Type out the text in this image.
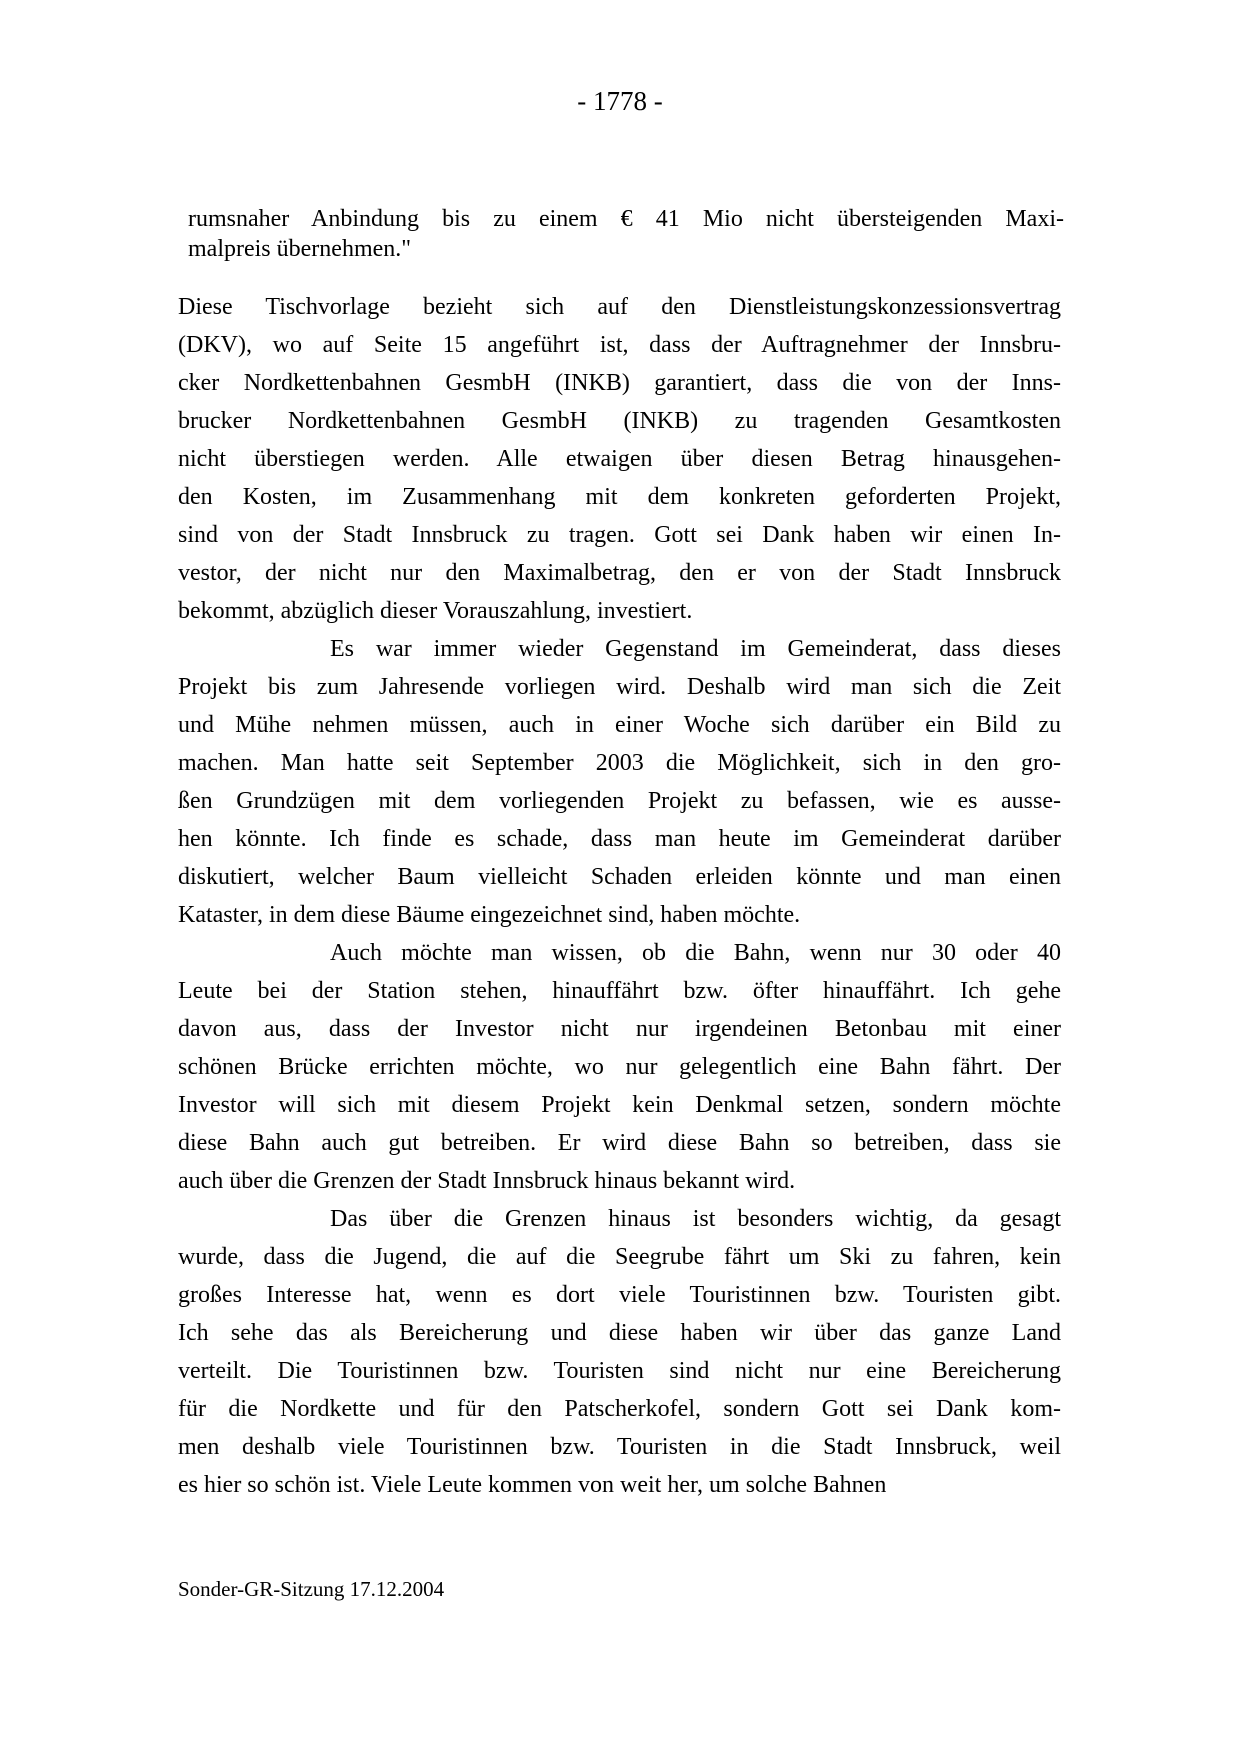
- 1778 -
rumsnaher Anbindung bis zu einem € 41 Mio nicht übersteigenden Maxi-
malpreis übernehmen."
Diese Tischvorlage bezieht sich auf den Dienstleistungskonzessionsvertrag
(DKV), wo auf Seite 15 angeführt ist, dass der Auftragnehmer der Innsbru-
cker Nordkettenbahnen GesmbH (INKB) garantiert, dass die von der Inns-
brucker Nordkettenbahnen GesmbH (INKB) zu tragenden Gesamtkosten
nicht überstiegen werden. Alle etwaigen über diesen Betrag hinausgehen-
den Kosten, im Zusammenhang mit dem konkreten geforderten Projekt,
sind von der Stadt Innsbruck zu tragen. Gott sei Dank haben wir einen In-
vestor, der nicht nur den Maximalbetrag, den er von der Stadt Innsbruck
bekommt, abzüglich dieser Vorauszahlung, investiert.
Es war immer wieder Gegenstand im Gemeinderat, dass dieses
Projekt bis zum Jahresende vorliegen wird. Deshalb wird man sich die Zeit
und Mühe nehmen müssen, auch in einer Woche sich darüber ein Bild zu
machen. Man hatte seit September 2003 die Möglichkeit, sich in den gro-
ßen Grundzügen mit dem vorliegenden Projekt zu befassen, wie es ausse-
hen könnte. Ich finde es schade, dass man heute im Gemeinderat darüber
diskutiert, welcher Baum vielleicht Schaden erleiden könnte und man einen
Kataster, in dem diese Bäume eingezeichnet sind, haben möchte.
Auch möchte man wissen, ob die Bahn, wenn nur 30 oder 40
Leute bei der Station stehen, hinauffährt bzw. öfter hinauffährt. Ich gehe
davon aus, dass der Investor nicht nur irgendeinen Betonbau mit einer
schönen Brücke errichten möchte, wo nur gelegentlich eine Bahn fährt. Der
Investor will sich mit diesem Projekt kein Denkmal setzen, sondern möchte
diese Bahn auch gut betreiben. Er wird diese Bahn so betreiben, dass sie
auch über die Grenzen der Stadt Innsbruck hinaus bekannt wird.
Das über die Grenzen hinaus ist besonders wichtig, da gesagt
wurde, dass die Jugend, die auf die Seegrube fährt um Ski zu fahren, kein
großes Interesse hat, wenn es dort viele Touristinnen bzw. Touristen gibt.
Ich sehe das als Bereicherung und diese haben wir über das ganze Land
verteilt. Die Touristinnen bzw. Touristen sind nicht nur eine Bereicherung
für die Nordkette und für den Patscherkofel, sondern Gott sei Dank kom-
men deshalb viele Touristinnen bzw. Touristen in die Stadt Innsbruck, weil
es hier so schön ist. Viele Leute kommen von weit her, um solche Bahnen
Sonder-GR-Sitzung 17.12.2004
